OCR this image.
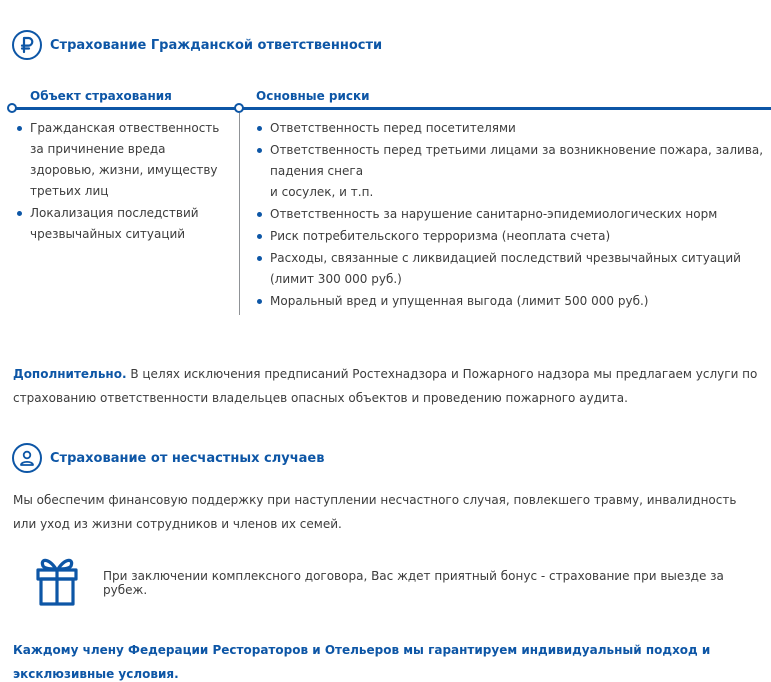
Страхование Гражданской ответственности
Объект страхования	Основные риски
Гражданская отвественность за причинение вреда здоровью, жизни, имуществу третьих лиц
Локализация последствий чрезвычайных ситуаций
Ответственность перед посетителями
Ответственность перед третьими лицами за возникновение пожара, залива, падения снега
и сосулек, и т.п.
Ответственность за нарушение санитарно-эпидемиологических норм
Риск потребительского терроризма (неоплата счета)
Расходы, связанные с ликвидацией последствий чрезвычайных ситуаций (лимит 300 000 руб.)
Моральный вред и упущенная выгода (лимит 500 000 руб.)

Дополнительно. В целях исключения предписаний Ростехнадзора и Пожарного надзора мы предлагаем услуги по страхованию ответственности владельцев опасных объектов и проведению пожарного аудита.

Страхование от несчастных случаев

Мы обеспечим финансовую поддержку при наступлении несчастного случая, повлекшего травму, инвалидность или уход из жизни сотрудников и членов их семей.

При заключении комплексного договора, Вас ждет приятный бонус - страхование при выезде за рубеж.

Каждому члену Федерации Рестораторов и Отельеров мы гарантируем индивидуальный подход и эксклюзивные условия.
